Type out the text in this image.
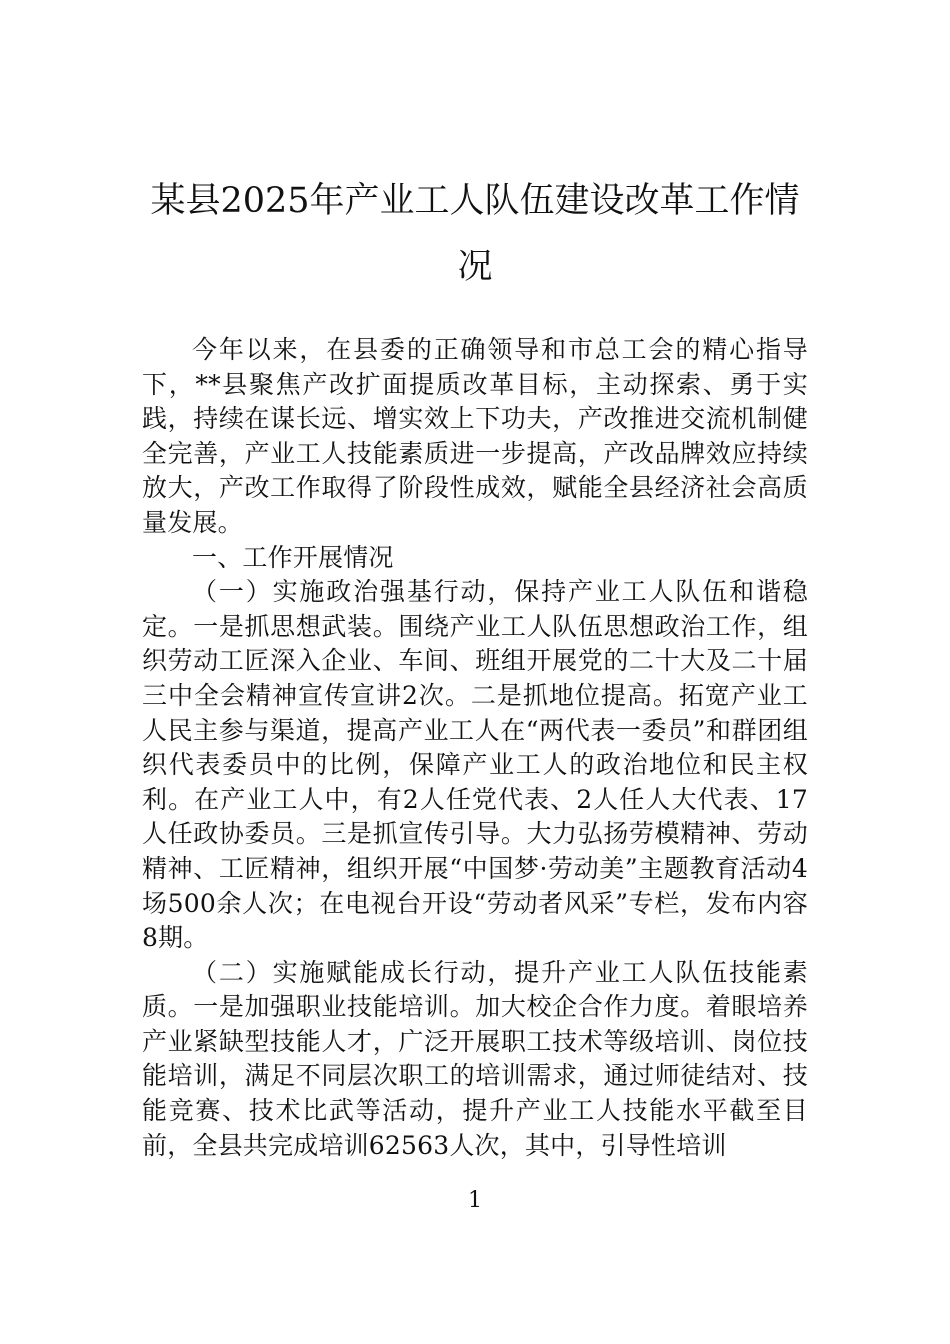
某县2025年产业工人队伍建设改革工作情况

今年以来，在县委的正确领导和市总工会的精心指导下，**县聚焦产改扩面提质改革目标，主动探索、勇于实践，持续在谋长远、增实效上下功夫，产改推进交流机制健全完善，产业工人技能素质进一步提高，产改品牌效应持续放大，产改工作取得了阶段性成效，赋能全县经济社会高质量发展。

一、工作开展情况

（一）实施政治强基行动，保持产业工人队伍和谐稳定。一是抓思想武装。围绕产业工人队伍思想政治工作，组织劳动工匠深入企业、车间、班组开展党的二十大及二十届三中全会精神宣传宣讲2次。二是抓地位提高。拓宽产业工人民主参与渠道，提高产业工人在“两代表一委员”和群团组织代表委员中的比例，保障产业工人的政治地位和民主权利。在产业工人中，有2人任党代表、2人任人大代表、17人任政协委员。三是抓宣传引导。大力弘扬劳模精神、劳动精神、工匠精神，组织开展“中国梦·劳动美”主题教育活动4场500余人次；在电视台开设“劳动者风采”专栏，发布内容8期。

（二）实施赋能成长行动，提升产业工人队伍技能素质。一是加强职业技能培训。加大校企合作力度。着眼培养产业紧缺型技能人才，广泛开展职工技术等级培训、岗位技能培训，满足不同层次职工的培训需求，通过师徒结对、技能竞赛、技术比武等活动，提升产业工人技能水平截至目前，全县共完成培训62563人次，其中，引导性培训

1
